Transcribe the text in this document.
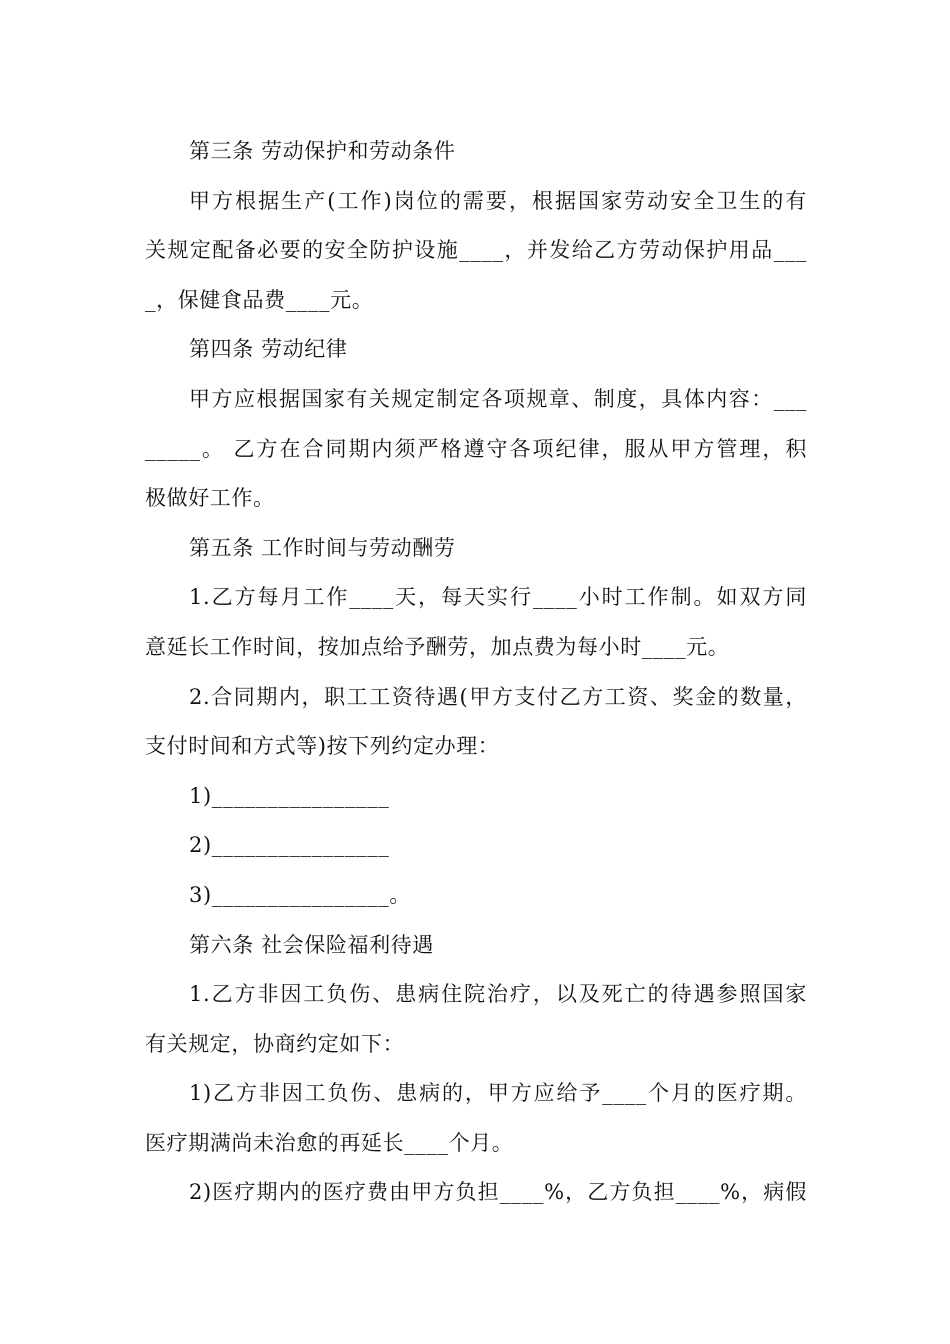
第三条 劳动保护和劳动条件
甲方根据生产(工作)岗位的需要，根据国家劳动安全卫生的有
关规定配备必要的安全防护设施____，并发给乙方劳动保护用品___
_，保健食品费____元。
第四条 劳动纪律
甲方应根据国家有关规定制定各项规章、制度，具体内容：___
_____。 乙方在合同期内须严格遵守各项纪律，服从甲方管理，积
极做好工作。
第五条 工作时间与劳动酬劳
1.乙方每月工作____天，每天实行____小时工作制。如双方同
意延长工作时间，按加点给予酬劳，加点费为每小时____元。
2.合同期内，职工工资待遇(甲方支付乙方工资、奖金的数量，
支付时间和方式等)按下列约定办理：
1)________________
2)________________
3)________________。
第六条 社会保险福利待遇
1.乙方非因工负伤、患病住院治疗，以及死亡的待遇参照国家
有关规定，协商约定如下：
1)乙方非因工负伤、患病的，甲方应给予____个月的医疗期。
医疗期满尚未治愈的再延长____个月。
2)医疗期内的医疗费由甲方负担____%，乙方负担____%，病假
